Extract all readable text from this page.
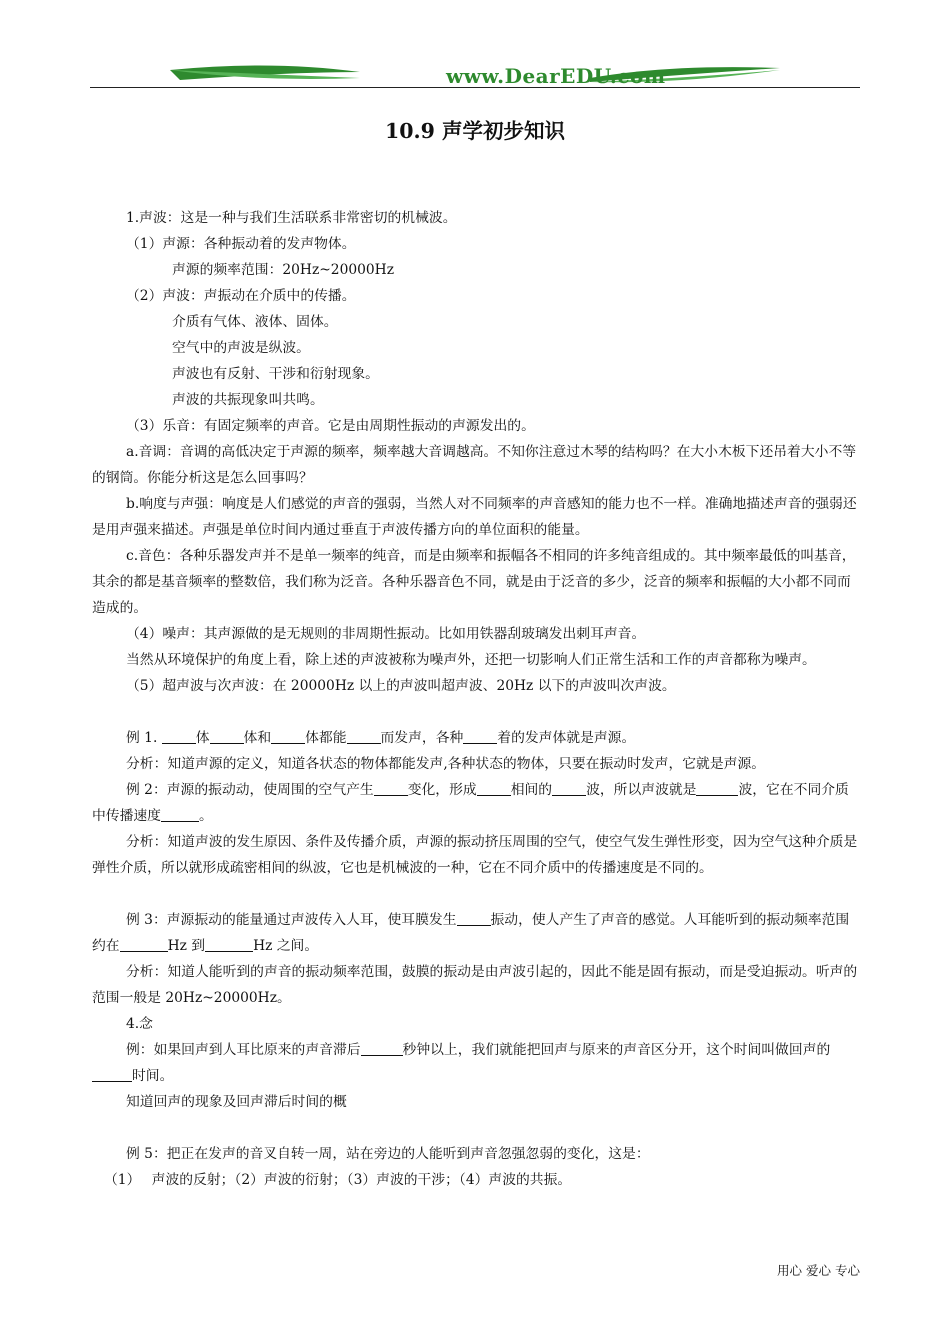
www.DearEDU.com
10.9 声学初步知识

1.声波：这是一种与我们生活联系非常密切的机械波。

（1）声源：各种振动着的发声物体。

声源的频率范围：20Hz~20000Hz

（2）声波：声振动在介质中的传播。

介质有气体、液体、固体。

空气中的声波是纵波。

声波也有反射、干涉和衍射现象。

声波的共振现象叫共鸣。

（3）乐音：有固定频率的声音。它是由周期性振动的声源发出的。

a.音调：音调的高低决定于声源的频率，频率越大音调越高。不知你注意过木琴的结构吗？在大小木板下还吊着大小不等的钢筒。你能分析这是怎么回事吗？

b.响度与声强：响度是人们感觉的声音的强弱，当然人对不同频率的声音感知的能力也不一样。准确地描述声音的强弱还是用声强来描述。声强是单位时间内通过垂直于声波传播方向的单位面积的能量。

c.音色：各种乐器发声并不是单一频率的纯音，而是由频率和振幅各不相同的许多纯音组成的。其中频率最低的叫基音，其余的都是基音频率的整数倍，我们称为泛音。各种乐器音色不同，就是由于泛音的多少，泛音的频率和振幅的大小都不同而造成的。

（4）噪声：其声源做的是无规则的非周期性振动。比如用铁器刮玻璃发出刺耳声音。

当然从环境保护的角度上看，除上述的声波被称为噪声外，还把一切影响人们正常生活和工作的声音都称为噪声。

（5）超声波与次声波：在 20000Hz 以上的声波叫超声波、20Hz 以下的声波叫次声波。

例 1. 体 体和 体都能 而发声，各种 着的发声体就是声源。

分析：知道声源的定义，知道各状态的物体都能发声,各种状态的物体，只要在振动时发声，它就是声源。

例 2：声源的振动动，使周围的空气产生 变化，形成 相间的 波，所以声波就是	波，它在不同介质中传播速度	。

分析：知道声波的发生原因、条件及传播介质，声源的振动挤压周围的空气，使空气发生弹性形变，因为空气这种介质是弹性介质，所以就形成疏密相间的纵波，它也是机械波的一种，它在不同介质中的传播速度是不同的。

例 3：声源振动的能量通过声波传入人耳，使耳膜发生 振动，使人产生了声音的感觉。人耳能听到的振动频率范围约在	Hz 到	Hz 之间。

分析：知道人能听到的声音的振动频率范围，鼓膜的振动是由声波引起的，因此不能是固有振动，而是受迫振动。听声的范围一般是 20Hz~20000Hz。

4.念

例：如果回声到人耳比原来的声音滞后	秒钟以上，我们就能把回声与原来的声音区分开，这个时间叫做回声的时间。

知道回声的现象及回声滞后时间的概

例 5：把正在发声的音叉自转一周，站在旁边的人能听到声音忽强忽弱的变化，这是：

（1）　 声波的反射；（2）声波的衍射；（3）声波的干涉；（4）声波的共振。

用心 爱心 专心
